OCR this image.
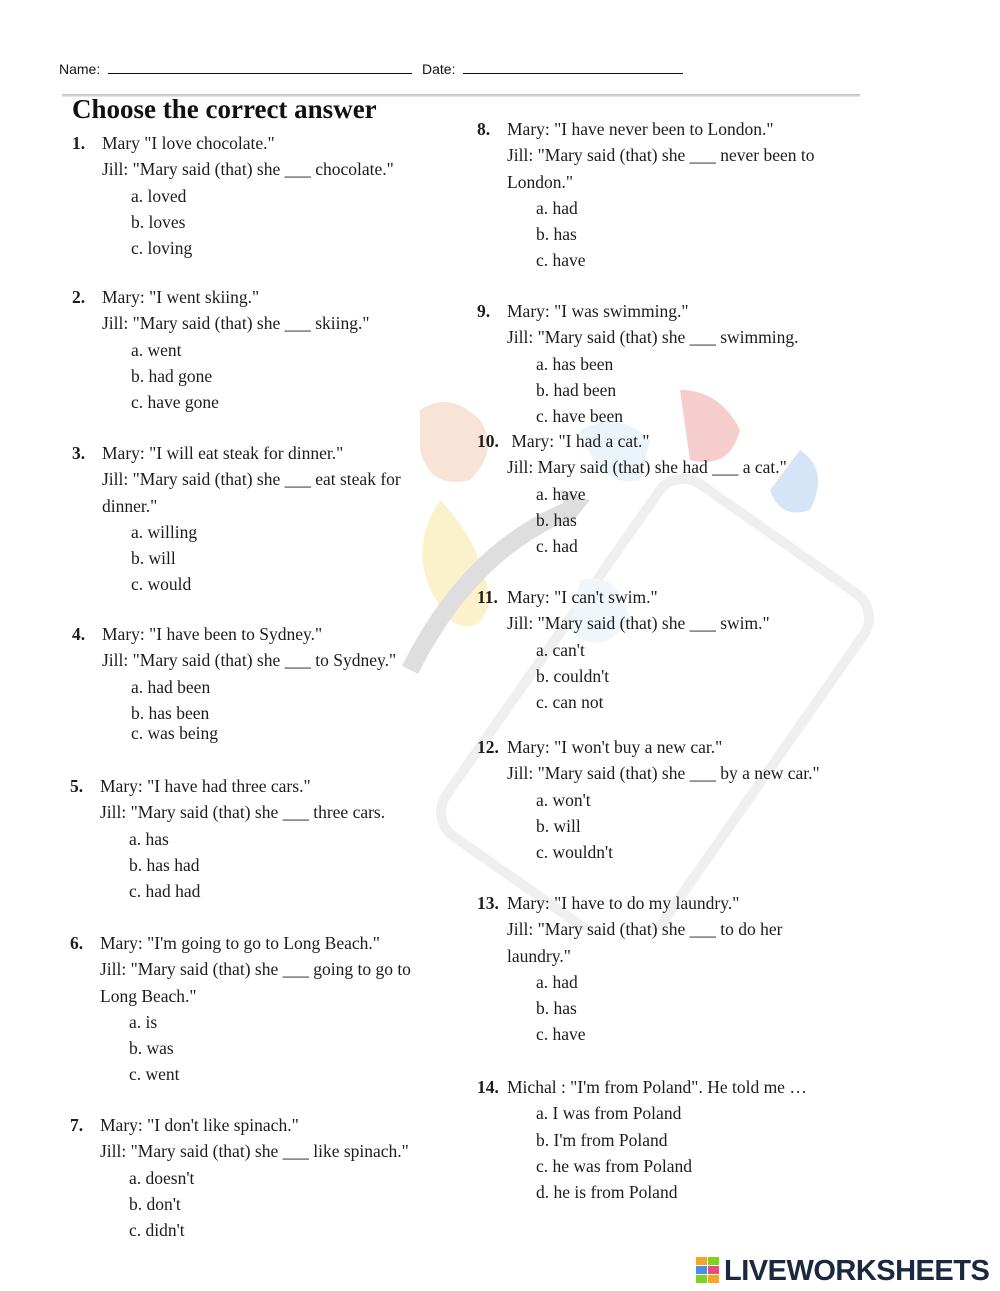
Name:	Date:
Choose the correct answer
1. Mary "I love chocolate."
Jill: "Mary said (that) she ___ chocolate."
a. loved
b. loves
c. loving
2. Mary: "I went skiing."
Jill: "Mary said (that) she ___ skiing."
a. went
b. had gone
c. have gone
3. Mary: "I will eat steak for dinner."
Jill: "Mary said (that) she ___ eat steak for
dinner."
a. willing
b. will
c. would
4. Mary: "I have been to Sydney."
Jill: "Mary said (that) she ___ to Sydney."
a. had been
b. has been
c. was being
5. Mary: "I have had three cars."
Jill: "Mary said (that) she ___ three cars.
a. has
b. has had
c. had had
6. Mary: "I'm going to go to Long Beach."
Jill: "Mary said (that) she ___ going to go to
Long Beach."
a. is
b. was
c. went
7. Mary: "I don't like spinach."
Jill: "Mary said (that) she ___ like spinach."
a. doesn't
b. don't
c. didn't
8. Mary: "I have never been to London."
Jill: "Mary said (that) she ___ never been to
London."
a. had
b. has
c. have
9. Mary: "I was swimming."
Jill: "Mary said (that) she ___ swimming.
a. has been
b. had been
c. have been
10. Mary: "I had a cat."
Jill: Mary said (that) she had ___ a cat."
a. have
b. has
c. had
11. Mary: "I can't swim."
Jill: "Mary said (that) she ___ swim."
a. can't
b. couldn't
c. can not
12. Mary: "I won't buy a new car."
Jill: "Mary said (that) she ___ by a new car."
a. won't
b. will
c. wouldn't
13. Mary: "I have to do my laundry."
Jill: "Mary said (that) she ___ to do her
laundry."
a. had
b. has
c. have
14. Michal : "I'm from Poland". He told me …
a. I was from Poland
b. I'm from Poland
c. he was from Poland
d. he is from Poland
LIVEWORKSHEETS
